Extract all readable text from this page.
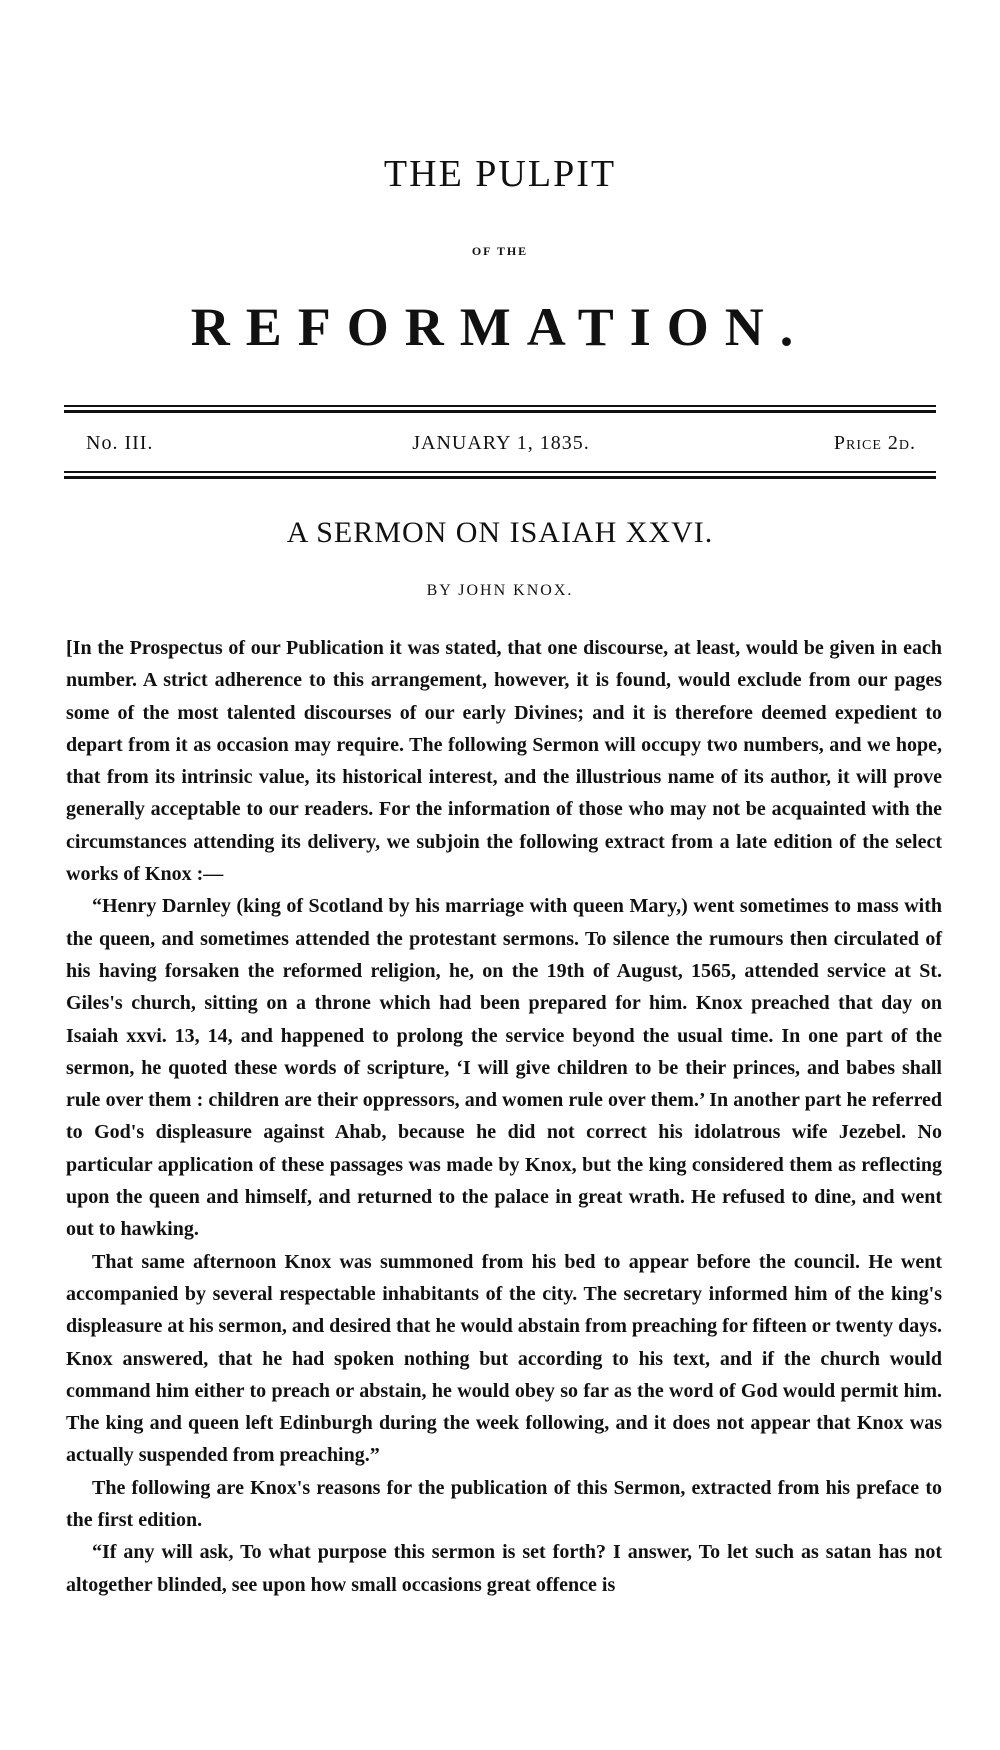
THE PULPIT
OF THE
REFORMATION.
No. III.	JANUARY 1, 1835.	Price 2d.
A SERMON ON ISAIAH XXVI.
BY JOHN KNOX.

[In the Prospectus of our Publication it was stated, that one discourse, at least, would be given in each number. A strict adherence to this arrangement, however, it is found, would exclude from our pages some of the most talented discourses of our early Divines; and it is therefore deemed expedient to depart from it as occasion may require. The following Sermon will occupy two numbers, and we hope, that from its intrinsic value, its historical interest, and the illustrious name of its author, it will prove generally acceptable to our readers. For the information of those who may not be acquainted with the circumstances attending its delivery, we subjoin the following extract from a late edition of the select works of Knox :—

“Henry Darnley (king of Scotland by his marriage with queen Mary,) went sometimes to mass with the queen, and sometimes attended the protestant sermons. To silence the rumours then circulated of his having forsaken the reformed religion, he, on the 19th of August, 1565, attended service at St. Giles's church, sitting on a throne which had been prepared for him. Knox preached that day on Isaiah xxvi. 13, 14, and happened to prolong the service beyond the usual time. In one part of the sermon, he quoted these words of scripture, ‘I will give children to be their princes, and babes shall rule over them : children are their oppressors, and women rule over them.’ In another part he referred to God's displeasure against Ahab, because he did not correct his idolatrous wife Jezebel. No particular application of these passages was made by Knox, but the king considered them as reflecting upon the queen and himself, and returned to the palace in great wrath. He refused to dine, and went out to hawking.

That same afternoon Knox was summoned from his bed to appear before the council. He went accompanied by several respectable inhabitants of the city. The secretary informed him of the king's displeasure at his sermon, and desired that he would abstain from preaching for fifteen or twenty days. Knox answered, that he had spoken nothing but according to his text, and if the church would command him either to preach or abstain, he would obey so far as the word of God would permit him. The king and queen left Edinburgh during the week following, and it does not appear that Knox was actually suspended from preaching.”

The following are Knox's reasons for the publication of this Sermon, extracted from his preface to the first edition.

“If any will ask, To what purpose this sermon is set forth? I answer, To let such as satan has not altogether blinded, see upon how small occasions great offence is
